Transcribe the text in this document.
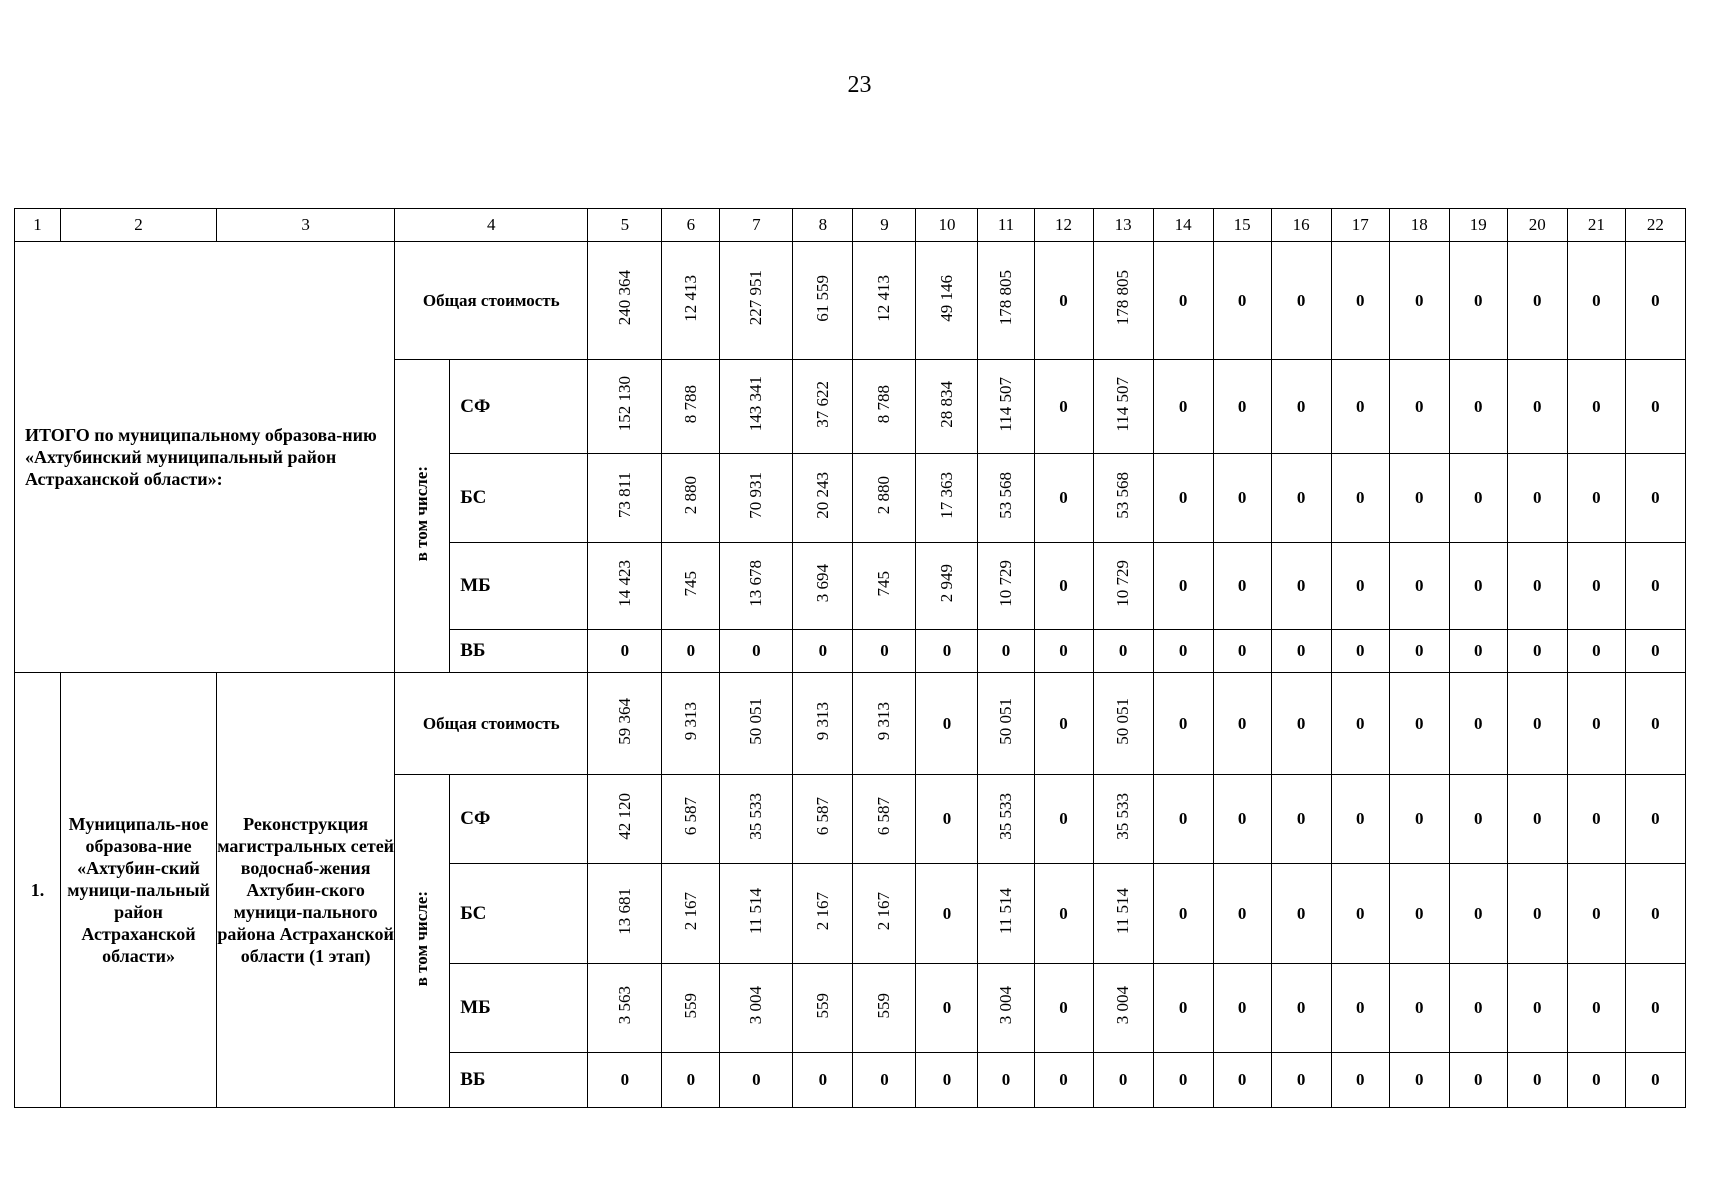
23
1	2	3	4		5	6	7	8	9	10	11	12	13	14	15	16	17	18	19	20	21	22
ИТОГО по муниципальному образова-нию «Ахтубинский муниципальный район Астраханской области»:			Общая стоимость		240 364	12 413	227 951	61 559	12 413	49 146	178 805	0	178 805	0	0	0	0	0	0	0	0	0
			в том числе:	СФ	152 130	8 788	143 341	37 622	8 788	28 834	114 507	0	114 507	0	0	0	0	0	0	0	0	0
				БС	73 811	2 880	70 931	20 243	2 880	17 363	53 568	0	53 568	0	0	0	0	0	0	0	0	0
				МБ	14 423	745	13 678	3 694	745	2 949	10 729	0	10 729	0	0	0	0	0	0	0	0	0
				ВБ	0	0	0	0	0	0	0	0	0	0	0	0	0	0	0	0	0	0
1.	Муниципаль-ное образова-ние «Ахтубин-ский муници-пальный район Астраханской области»	Реконструкция магистральных сетей водоснаб-жения Ахтубин-ского муници-пального района Астраханской области (1 этап)	Общая стоимость		59 364	9 313	50 051	9 313	9 313	0	50 051	0	50 051	0	0	0	0	0	0	0	0	0
			в том числе:	СФ	42 120	6 587	35 533	6 587	6 587	0	35 533	0	35 533	0	0	0	0	0	0	0	0	0
				БС	13 681	2 167	11 514	2 167	2 167	0	11 514	0	11 514	0	0	0	0	0	0	0	0	0
				МБ	3 563	559	3 004	559	559	0	3 004	0	3 004	0	0	0	0	0	0	0	0	0
				ВБ	0	0	0	0	0	0	0	0	0	0	0	0	0	0	0	0	0	0
